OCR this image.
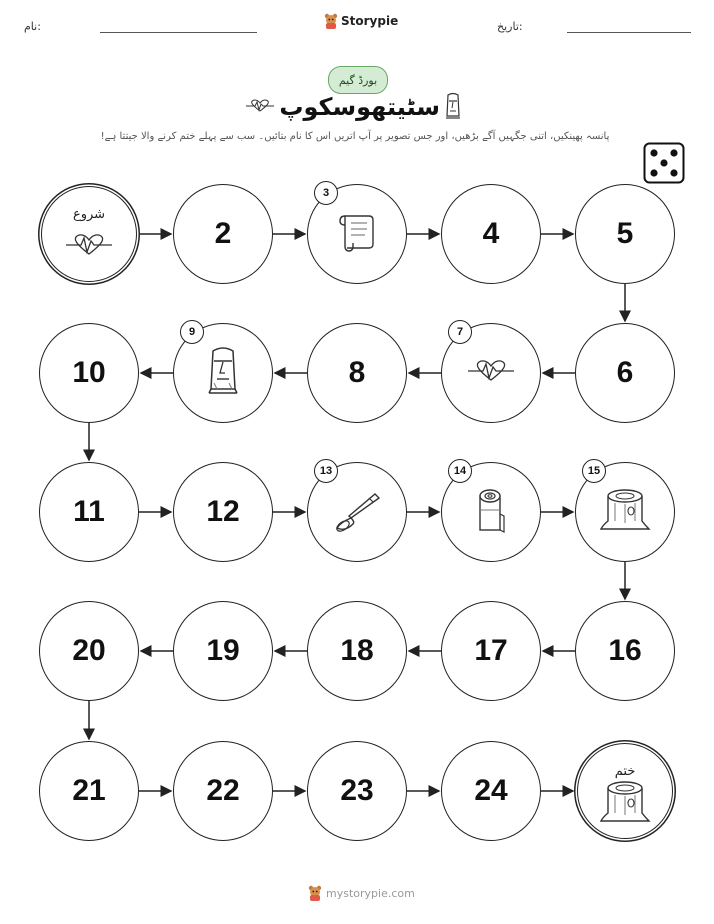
نام:	Storypie	تاریخ:
بورڈ گیم
سٹیتھوسکوپ
پانسہ پھینکیں، اتنی جگہیں آگے بڑھیں، اور جس تصویر پر آپ اتریں اس کا نام بتائیں۔ سب سے پہلے ختم کرنے والا جیتتا ہے!
شروع
2
3
4	5
6
7
8
9
10
11	12
13	14	15
16
17
18
19
20
21	22	23	24
ختم
mystorypie.com
